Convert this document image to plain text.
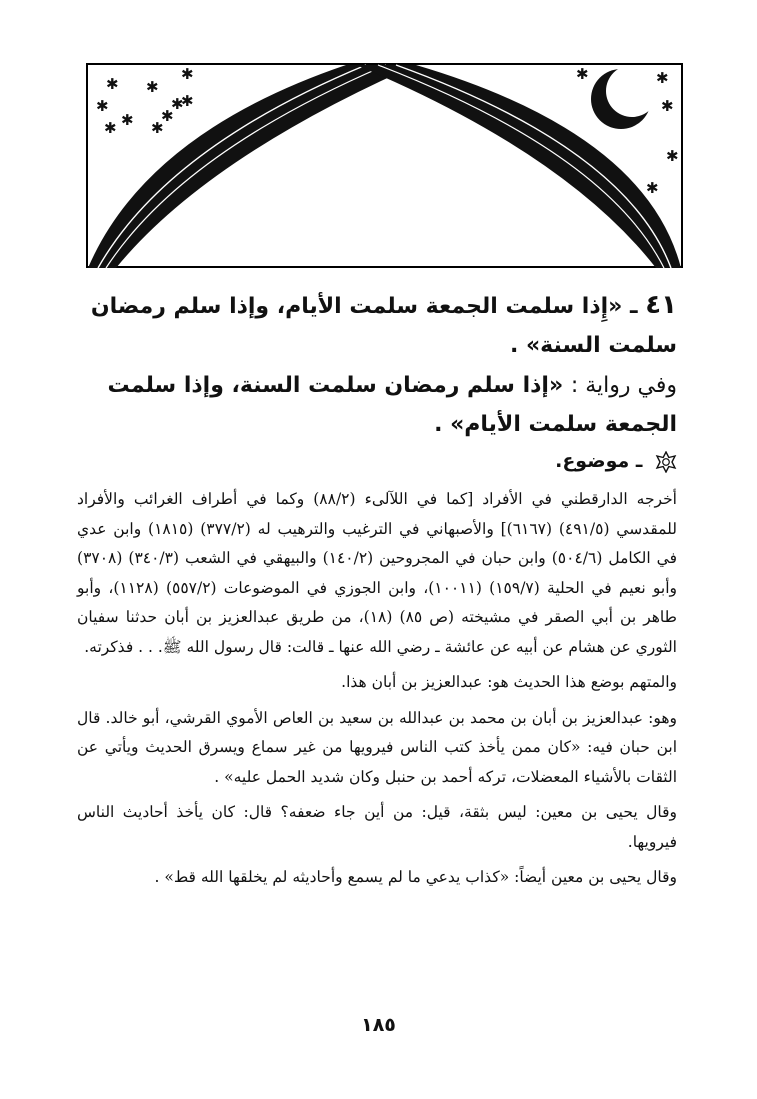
✱ ✱
✱
✱
✱
✱
✱
✱
✱
✱
✱	✱
✱
✱
✱
٤١ ـ «إِذا سلمت الجمعة سلمت الأيام، وإذا سلم رمضان سلمت السنة» .
وفي رواية : «إذا سلم رمضان سلمت السنة، وإذا سلمت الجمعة سلمت الأيام» .
ـ موضوع.

أخرجه الدارقطني في الأفراد [كما في اللآلىء (٨٨/٢) وكما في أطراف الغرائب والأفراد للمقدسي (٤٩١/٥) (٦١٦٧)] والأصبهاني في الترغيب والترهيب له (٣٧٧/٢) (١٨١٥) وابن عدي في الكامل (٥٠٤/٦) وابن حبان في المجروحين (١٤٠/٢) والبيهقي في الشعب (٣٤٠/٣) (٣٧٠٨) وأبو نعيم في الحلية (١٥٩/٧) (١٠٠١١)، وابن الجوزي في الموضوعات (٥٥٧/٢) (١١٢٨)، وأبو طاهر بن أبي الصقر في مشيخته (ص ٨٥) (١٨)، من طريق عبدالعزيز بن أبان حدثنا سفيان الثوري عن هشام عن أبيه عن عائشة ـ رضي الله عنها ـ قالت: قال رسول الله ﷺ. . . فذكرته.

والمتهم بوضع هذا الحديث هو: عبدالعزيز بن أبان هذا.

وهو: عبدالعزيز بن أبان بن محمد بن عبدالله بن سعيد بن العاص الأموي القرشي، أبو خالد. قال ابن حبان فيه: «كان ممن يأخذ كتب الناس فيرويها من غير سماع ويسرق الحديث ويأتي عن الثقات بالأشياء المعضلات، تركه أحمد بن حنبل وكان شديد الحمل عليه» .

وقال يحيى بن معين: ليس بثقة، قيل: من أين جاء ضعفه؟ قال: كان يأخذ أحاديث الناس فيرويها.

وقال يحيى بن معين أيضاً: «كذاب يدعي ما لم يسمع وأحاديثه لم يخلقها الله قط» .

١٨٥
